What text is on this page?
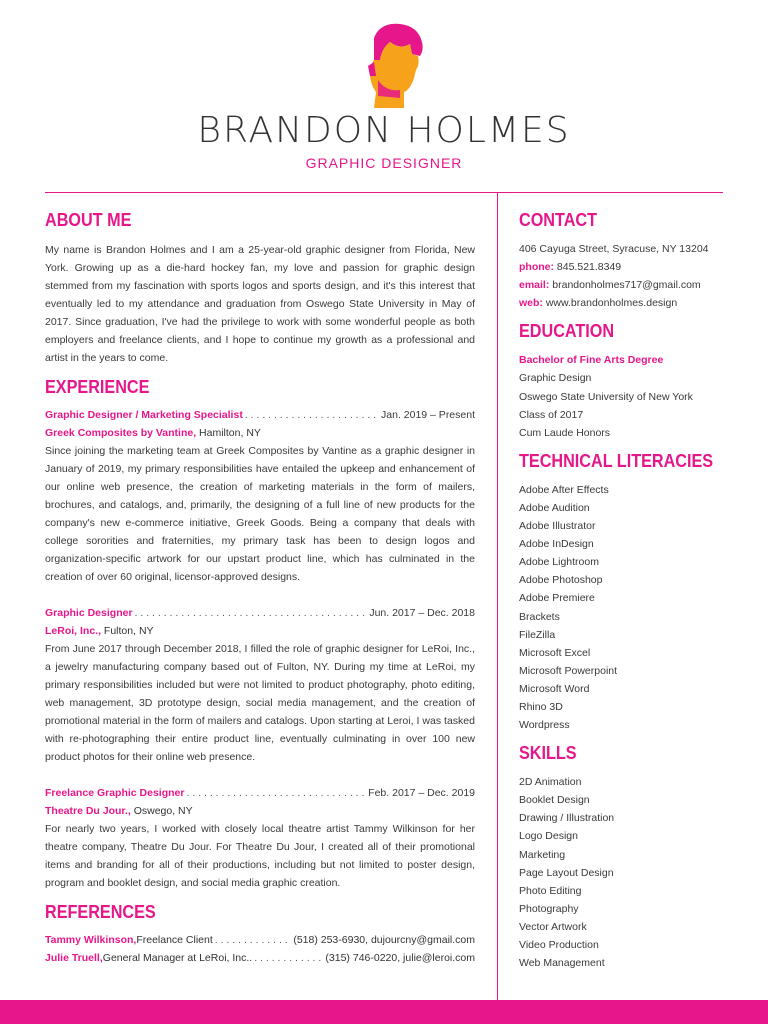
BRANDON HOLMES
GRAPHIC DESIGNER
ABOUT ME

My name is Brandon Holmes and I am a 25-year-old graphic designer from Florida, New York. Growing up as a die-hard hockey fan, my love and passion for graphic design stemmed from my fascination with sports logos and sports design, and it's this interest that eventually led to my attendance and graduation from Oswego State University in May of 2017. Since graduation, I've had the privilege to work with some wonderful people as both employers and freelance clients, and I hope to continue my growth as a professional and artist in the years to come.

EXPERIENCE
Graphic Designer / Marketing Specialist . . .	Jan. 2019 – Present
Greek Composites by Vantine, Hamilton, NY

Since joining the marketing team at Greek Composites by Vantine as a graphic designer in January of 2019, my primary responsibilities have entailed the upkeep and enhancement of our online web presence, the creation of marketing materials in the form of mailers, brochures, and catalogs, and, primarily, the designing of a full line of new products for the company's new e-commerce initiative, Greek Goods. Being a company that deals with college sororities and fraternities, my primary task has been to design logos and organization-specific artwork for our upstart product line, which has culminated in the creation of over 60 original, licensor-approved designs.

Graphic Designer . . .	Jun. 2017 – Dec. 2018
LeRoi, Inc., Fulton, NY

From June 2017 through December 2018, I filled the role of graphic designer for LeRoi, Inc., a jewelry manufacturing company based out of Fulton, NY. During my time at LeRoi, my primary responsibilities included but were not limited to product photography, photo editing, web management, 3D prototype design, social media management, and the creation of promotional material in the form of mailers and catalogs. Upon starting at Leroi, I was tasked with re-photographing their entire product line, eventually culminating in over 100 new product photos for their online web presence.

Freelance Graphic Designer . . .	Feb. 2017 – Dec. 2019
Theatre Du Jour., Oswego, NY

For nearly two years, I worked with closely local theatre artist Tammy Wilkinson for her theatre company, Theatre Du Jour. For Theatre Du Jour, I created all of their promotional items and branding for all of their productions, including but not limited to poster design, program and booklet design, and social media graphic creation.

REFERENCES
Tammy Wilkinson, Freelance Client . . .	(518) 253-6930, dujourcny@gmail.com
Julie Truell, General Manager at LeRoi, Inc.. . . .	(315) 746-0220, julie@leroi.com
CONTACT
406 Cayuga Street, Syracuse, NY 13204
phone: 845.521.8349
email: brandonholmes717@gmail.com
web: www.brandonholmes.design
EDUCATION
Bachelor of Fine Arts Degree
Graphic Design
Oswego State University of New York
Class of 2017
Cum Laude Honors
TECHNICAL LITERACIES
Adobe After Effects
Adobe Audition
Adobe Illustrator
Adobe InDesign
Adobe Lightroom
Adobe Photoshop
Adobe Premiere
Brackets
FileZilla
Microsoft Excel
Microsoft Powerpoint
Microsoft Word
Rhino 3D
Wordpress
SKILLS
2D Animation
Booklet Design
Drawing / Illustration
Logo Design
Marketing
Page Layout Design
Photo Editing
Photography
Vector Artwork
Video Production
Web Management
